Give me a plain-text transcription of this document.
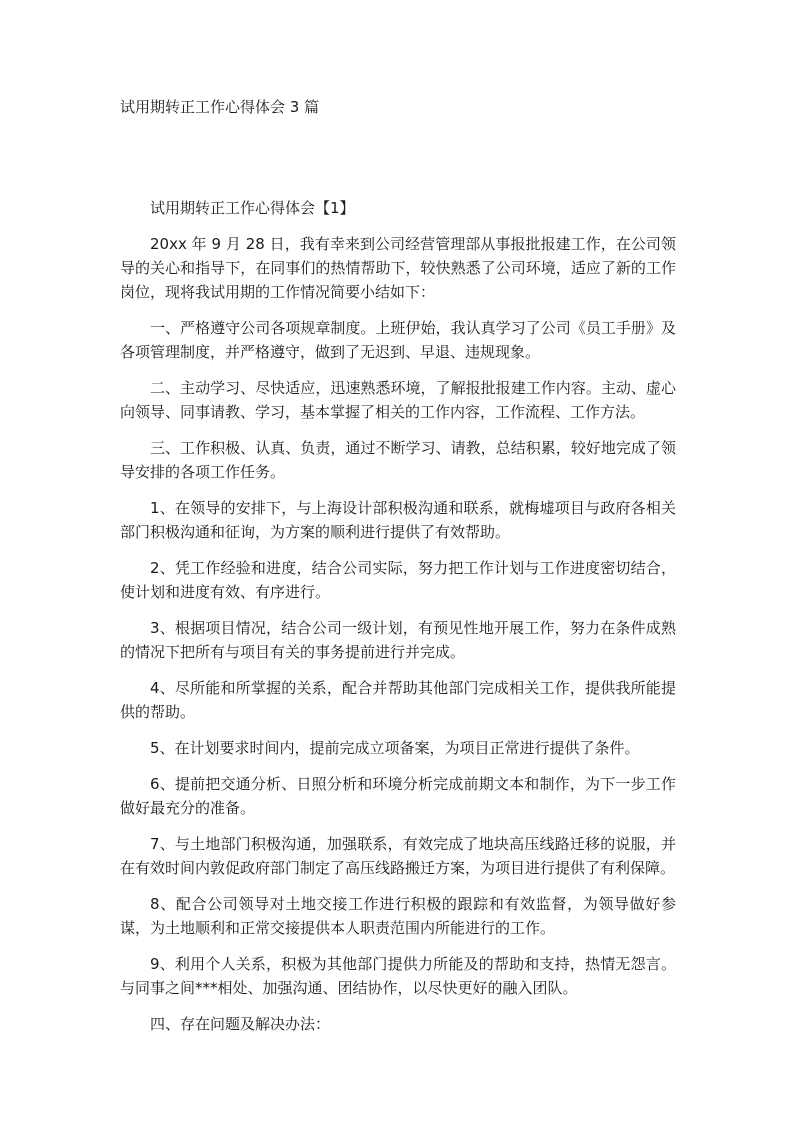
试用期转正工作心得体会 3 篇

试用期转正工作心得体会【1】

20xx 年 9 月 28 日，我有幸来到公司经营管理部从事报批报建工作，在公司领导的关心和指导下，在同事们的热情帮助下，较快熟悉了公司环境，适应了新的工作岗位，现将我试用期的工作情况简要小结如下：

一、严格遵守公司各项规章制度。上班伊始，我认真学习了公司《员工手册》及各项管理制度，并严格遵守，做到了无迟到、早退、违规现象。

二、主动学习、尽快适应，迅速熟悉环境，了解报批报建工作内容。主动、虚心向领导、同事请教、学习，基本掌握了相关的工作内容，工作流程、工作方法。

三、工作积极、认真、负责，通过不断学习、请教，总结积累，较好地完成了领导安排的各项工作任务。

1、在领导的安排下，与上海设计部积极沟通和联系，就梅墟项目与政府各相关部门积极沟通和征询，为方案的顺利进行提供了有效帮助。

2、凭工作经验和进度，结合公司实际，努力把工作计划与工作进度密切结合，使计划和进度有效、有序进行。

3、根据项目情况，结合公司一级计划，有预见性地开展工作，努力在条件成熟的情况下把所有与项目有关的事务提前进行并完成。

4、尽所能和所掌握的关系，配合并帮助其他部门完成相关工作，提供我所能提供的帮助。

5、在计划要求时间内，提前完成立项备案，为项目正常进行提供了条件。

6、提前把交通分析、日照分析和环境分析完成前期文本和制作，为下一步工作做好最充分的准备。

7、与土地部门积极沟通，加强联系，有效完成了地块高压线路迁移的说服，并在有效时间内敦促政府部门制定了高压线路搬迁方案，为项目进行提供了有利保障。

8、配合公司领导对土地交接工作进行积极的跟踪和有效监督，为领导做好参谋，为土地顺利和正常交接提供本人职责范围内所能进行的工作。

9、利用个人关系，积极为其他部门提供力所能及的帮助和支持，热情无怨言。与同事之间***相处、加强沟通、团结协作，以尽快更好的融入团队。

四、存在问题及解决办法：
